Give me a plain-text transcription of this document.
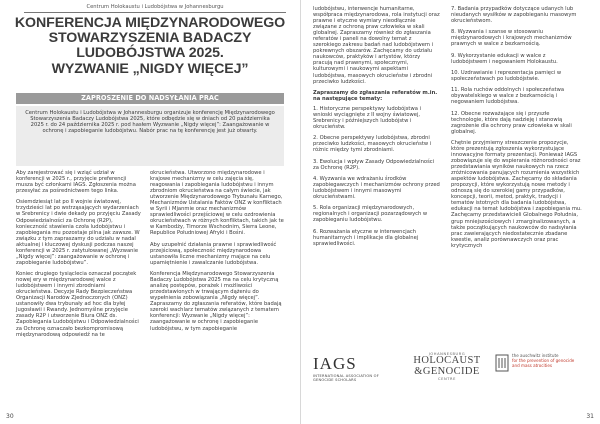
Centrum Holokaustu i Ludobójstwa w Johannesburgu
KONFERENCJA MIĘDZYNARODOWEGO
STOWARZYSZENIA BADACZY
LUDOBÓJSTWA 2025.
WYZWANIE „NIGDY WIĘCEJ”
ZAPROSZENIE DO NADSYŁANIA PRAC
Centrum Holokaustu i Ludobójstwa w Johannesburgu organizuje konferencję Międzynarodowego Stowarzyszenia Badaczy Ludobójstwa 2025, które odbędzie się w dniach od 20 października 2025 r. do 24 października 2025 r. pod hasłem Wyzwanie „Nigdy więcej”: Zaangażowanie w ochronę i zapobieganie ludobójstwu. Nabór prac na tę konferencję jest już otwarty.

Aby zarejestrować się i wziąć udział w konferencji w 2025 r., przyjęcie preferencji musza być członkami IAGS. Zgłoszenia można przesyłać za pośrednictwem tego linka.

Osiemdziesiąt lat po II wojnie światowej, trzydzieści lat po wstrząsających wydarzeniach w Srebrenicy i dwie dekady po przyjęciu Zasady Odpowiedzialności za Ochronę (R2P), konieczność stawienia czoła ludobójstwu i zapobiegania mu pozostaje pilna jak zawsze. W związku z tym zapraszamy do udziału w nadal aktualnej i kluczowej dyskusji podczas naszej konferencji w 2025 r. zatytułowanej „Wyzwanie „Nigdy więcej”: zaangażowanie w ochronę i zapobieganie ludobójstwu”.

Koniec drugiego tysiąclecia oznaczał początek nowej ery w międzynarodowej walce z ludobójstwem i innymi zbrodniami okrucieństwa. Decyzje Rady Bezpieczeństwa Organizacji Narodów Zjednoczonych (ONZ) ustanowiły dwa trybunały ad hoc dla byłej Jugosławii i Rwandy. Jednomyślne przyjęcie zasady R2P i utworzenie Biura ONZ ds. Zapobiegania Ludobójstwu i Odpowiedzialności za Ochronę oznaczało bezkompromisową międzynarodową odpowiedź na te

okrucieństwa. Utworzono międzynarodowe i krajowe mechanizmy w celu zajęcia się, reagowania i zapobiegania ludobójstwu i innym zbrodniom okrucieństwa na całym świecie, jak utworzenie Międzynarodowego Trybunału Karnego, Mechanizmów Ustalania Faktów ONZ w konfliktach w Syrii i Mjanmie oraz mechanizmów sprawiedliwości przejściowej w celu ozdrowienia okrucieństwach w różnych konfliktach, takich jak te w Kambodży, Timorze Wschodnim, Sierra Leone, Republice Południowej Afryki i Bośni.

Aby uzupełnić działania prawne i sprawiedliwość przejściową, społeczność międzynarodowa ustanowiła liczne mechanizmy mające na celu upamiętnienie i zawalczanie ludobójstwa.

Konferencja Międzynarodowego Stowarzyszenia Badaczy Ludobójstwa 2025 ma na celu krytyczną analizę postępów, porażek i możliwości przedstawionych w trwającym dążeniu do wypełnienia zobowiązania „Nigdy więcej”. Zapraszamy do zgłaszania referatów, które badają szeroki wachlarz tematów związanych z tematem konferencji: Wyzwanie „Nigdy więcej”: zaangażowanie w ochronę i zapobieganie ludobójstwu, w tym zapobieganie

30

ludobójstwu, interwencje humanitarne, współpraca międzynarodowa, rola instytucji oraz prawne i etyczne wymiary nieodłącznie związane z ochroną praw człowieka w skali globalnej. Zapraszamy również do zgłaszania referatów i paneli na dowolny temat z szerokiego zakresu badań nad ludobójstwem i pokrewnych obszarów. Zachęcamy do udziału naukowców, praktyków i artystów, którzy pracują nad prawnymi, społecznymi, kulturowymi i naukowymi aspektami ludobójstwa, masowych okrucieństw i zbrodni przeciwko ludzkości.

Zapraszamy do zgłaszania referatów m.in. na następujące tematy:

1. Historyczne perspektywy ludobójstwa i wnioski wyciągnięte z II wojny światowej, Srebrenicy i późniejszych ludobójstw i okrucieństw.

2. Obecne perspektywy ludobójstwa, zbrodni przeciwko ludzkości, masowych okrucieństw i różnic między tymi zbrodniami.

3. Ewolucja i wpływ Zasady Odpowiedzialności za Ochronę (R2P).

4. Wyzwania we wdrażaniu środków zapobiegawczych i mechanizmów ochrony przed ludobójstwem i innymi masowymi okrucieństwami.

5. Rola organizacji międzynarodowych, regionalnych i organizacji pozarządowych w zapobieganiu ludobójstwu.

6. Rozważania etyczne w interwencjach humanitarnych i implikacje dla globalnej sprawiedliwości.

7. Badania przypadków dotyczące udanych lub nieudanych wysiłków w zapobieganiu masowym okrucieństwom.

8. Wyzwania i szanse w stosowaniu międzynarodowych i krajowych mechanizmów prawnych w walce z bezkarnością.

9. Wykorzystanie edukacji w walce z ludobójstwem i negowaniem Holokaustu.

10. Uzdrawianie i reprezentacja pamięci w społeczeństwach po ludobójstwie.

11. Rola ruchów oddolnych i społeczeństwa obywatelskiego w walce z bezkarnością i negowaniem ludobójstwa.

12. Obecne rozważające się i przyszłe technologie, które dają nadzieję i stanowią zagrożenie dla ochrony praw człowieka w skali globalnej.

Chętnie przyjmiemy streszczenie propozycje, które prezentują zgłoszenia wykorzystujące innowacyjne formaty prezentacji. Ponieważ IAGS zobowiązuje się do wspierania różnorodności oraz przedstawiania wyników naukowych na rzecz zróżnicowania panujących rozumienia wszystkich aspektów ludobójstwa. Zachęcamy do składania propozycji, które wykorzystują nowe metody i odnoszą się do szerokiej gamy przypadków, koncepcji, teorii, metod, praktyk, tradycji i tematów istotnych dla badania ludobójstwa, edukacji na temat ludobójstwa i zapobiegania mu. Zachęcamy przedstawicieli Globalnego Południa, grup mniejszościowych i zmarginalizowanych, a także początkujących naukowców do nadsyłania prac zawierających niedostatecznie zbadane kwestie, analiz porównawczych oraz prac krytycznych

IAGS
INTERNATIONAL ASSOCIATION OF GENOCIDE SCHOLARS
JOHANNESBURG
HOLOCAUST
&GENOCIDE
CENTRE
the auschwitz institute
for the prevention of genocide
and mass atrocities
31
